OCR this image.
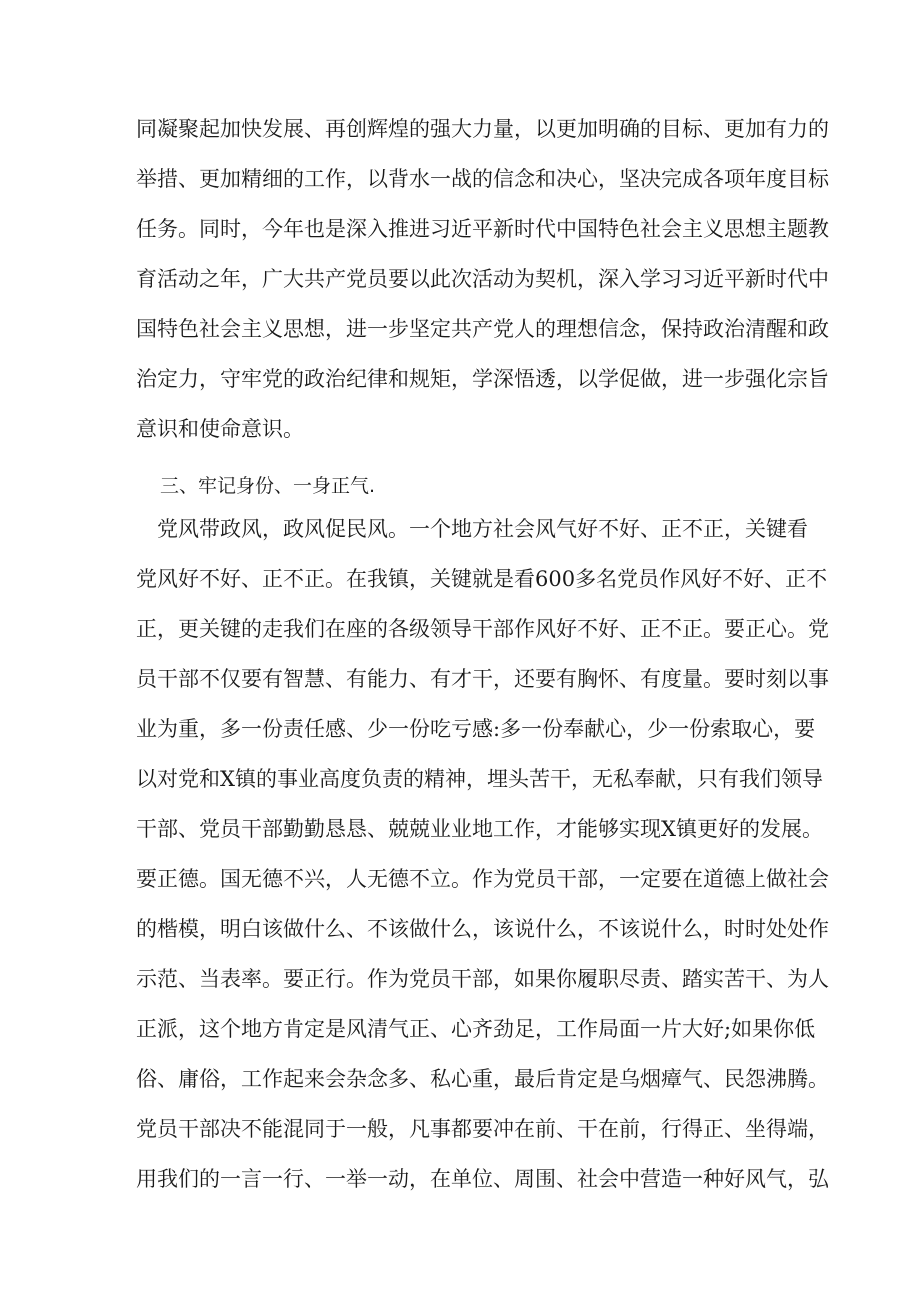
同凝聚起加快发展、再创辉煌的强大力量，以更加明确的目标、更加有力的
举措、更加精细的工作，以背水一战的信念和决心，坚决完成各项年度目标
任务。同时，今年也是深入推进习近平新时代中国特色社会主义思想主题教
育活动之年，广大共产党员要以此次活动为契机，深入学习习近平新时代中
国特色社会主义思想，进一步坚定共产党人的理想信念，保持政治清醒和政
治定力，守牢党的政治纪律和规矩，学深悟透，以学促做，进一步强化宗旨
意识和使命意识。
三、牢记身份、一身正气.
　党风带政风，政风促民风。一个地方社会风气好不好、正不正，关键看
党风好不好、正不正。在我镇，关键就是看600多名党员作风好不好、正不
正，更关键的走我们在座的各级领导干部作风好不好、正不正。要正心。党
员干部不仅要有智慧、有能力、有才干，还要有胸怀、有度量。要时刻以事
业为重，多一份责任感、少一份吃亏感:多一份奉献心，少一份索取心，要
以对党和X镇的事业高度负责的精神，埋头苦干，无私奉献，只有我们领导
干部、党员干部勤勤恳恳、兢兢业业地工作，才能够实现X镇更好的发展。
要正德。国无德不兴，人无德不立。作为党员干部，一定要在道德上做社会
的楷模，明白该做什么、不该做什么，该说什么，不该说什么，时时处处作
示范、当表率。要正行。作为党员干部，如果你履职尽责、踏实苦干、为人
正派，这个地方肯定是风清气正、心齐劲足，工作局面一片大好;如果你低
俗、庸俗，工作起来会杂念多、私心重，最后肯定是乌烟瘴气、民怨沸腾。
党员干部决不能混同于一般，凡事都要冲在前、干在前，行得正、坐得端，
用我们的一言一行、一举一动，在单位、周围、社会中营造一种好风气，弘
